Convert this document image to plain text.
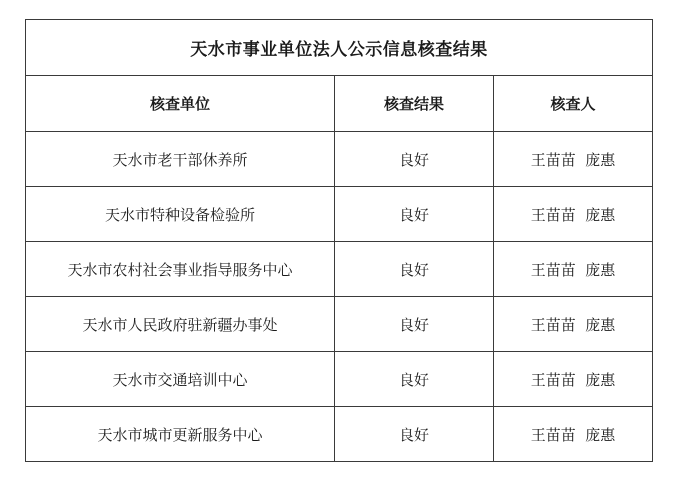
天水市事业单位法人公示信息核查结果		
核查单位	核查结果	核查人
天水市老干部休养所	良好	王苗苗  庞惠
天水市特种设备检验所	良好	王苗苗  庞惠
天水市农村社会事业指导服务中心	良好	王苗苗  庞惠
天水市人民政府驻新疆办事处	良好	王苗苗  庞惠
天水市交通培训中心	良好	王苗苗  庞惠
天水市城市更新服务中心	良好	王苗苗  庞惠
